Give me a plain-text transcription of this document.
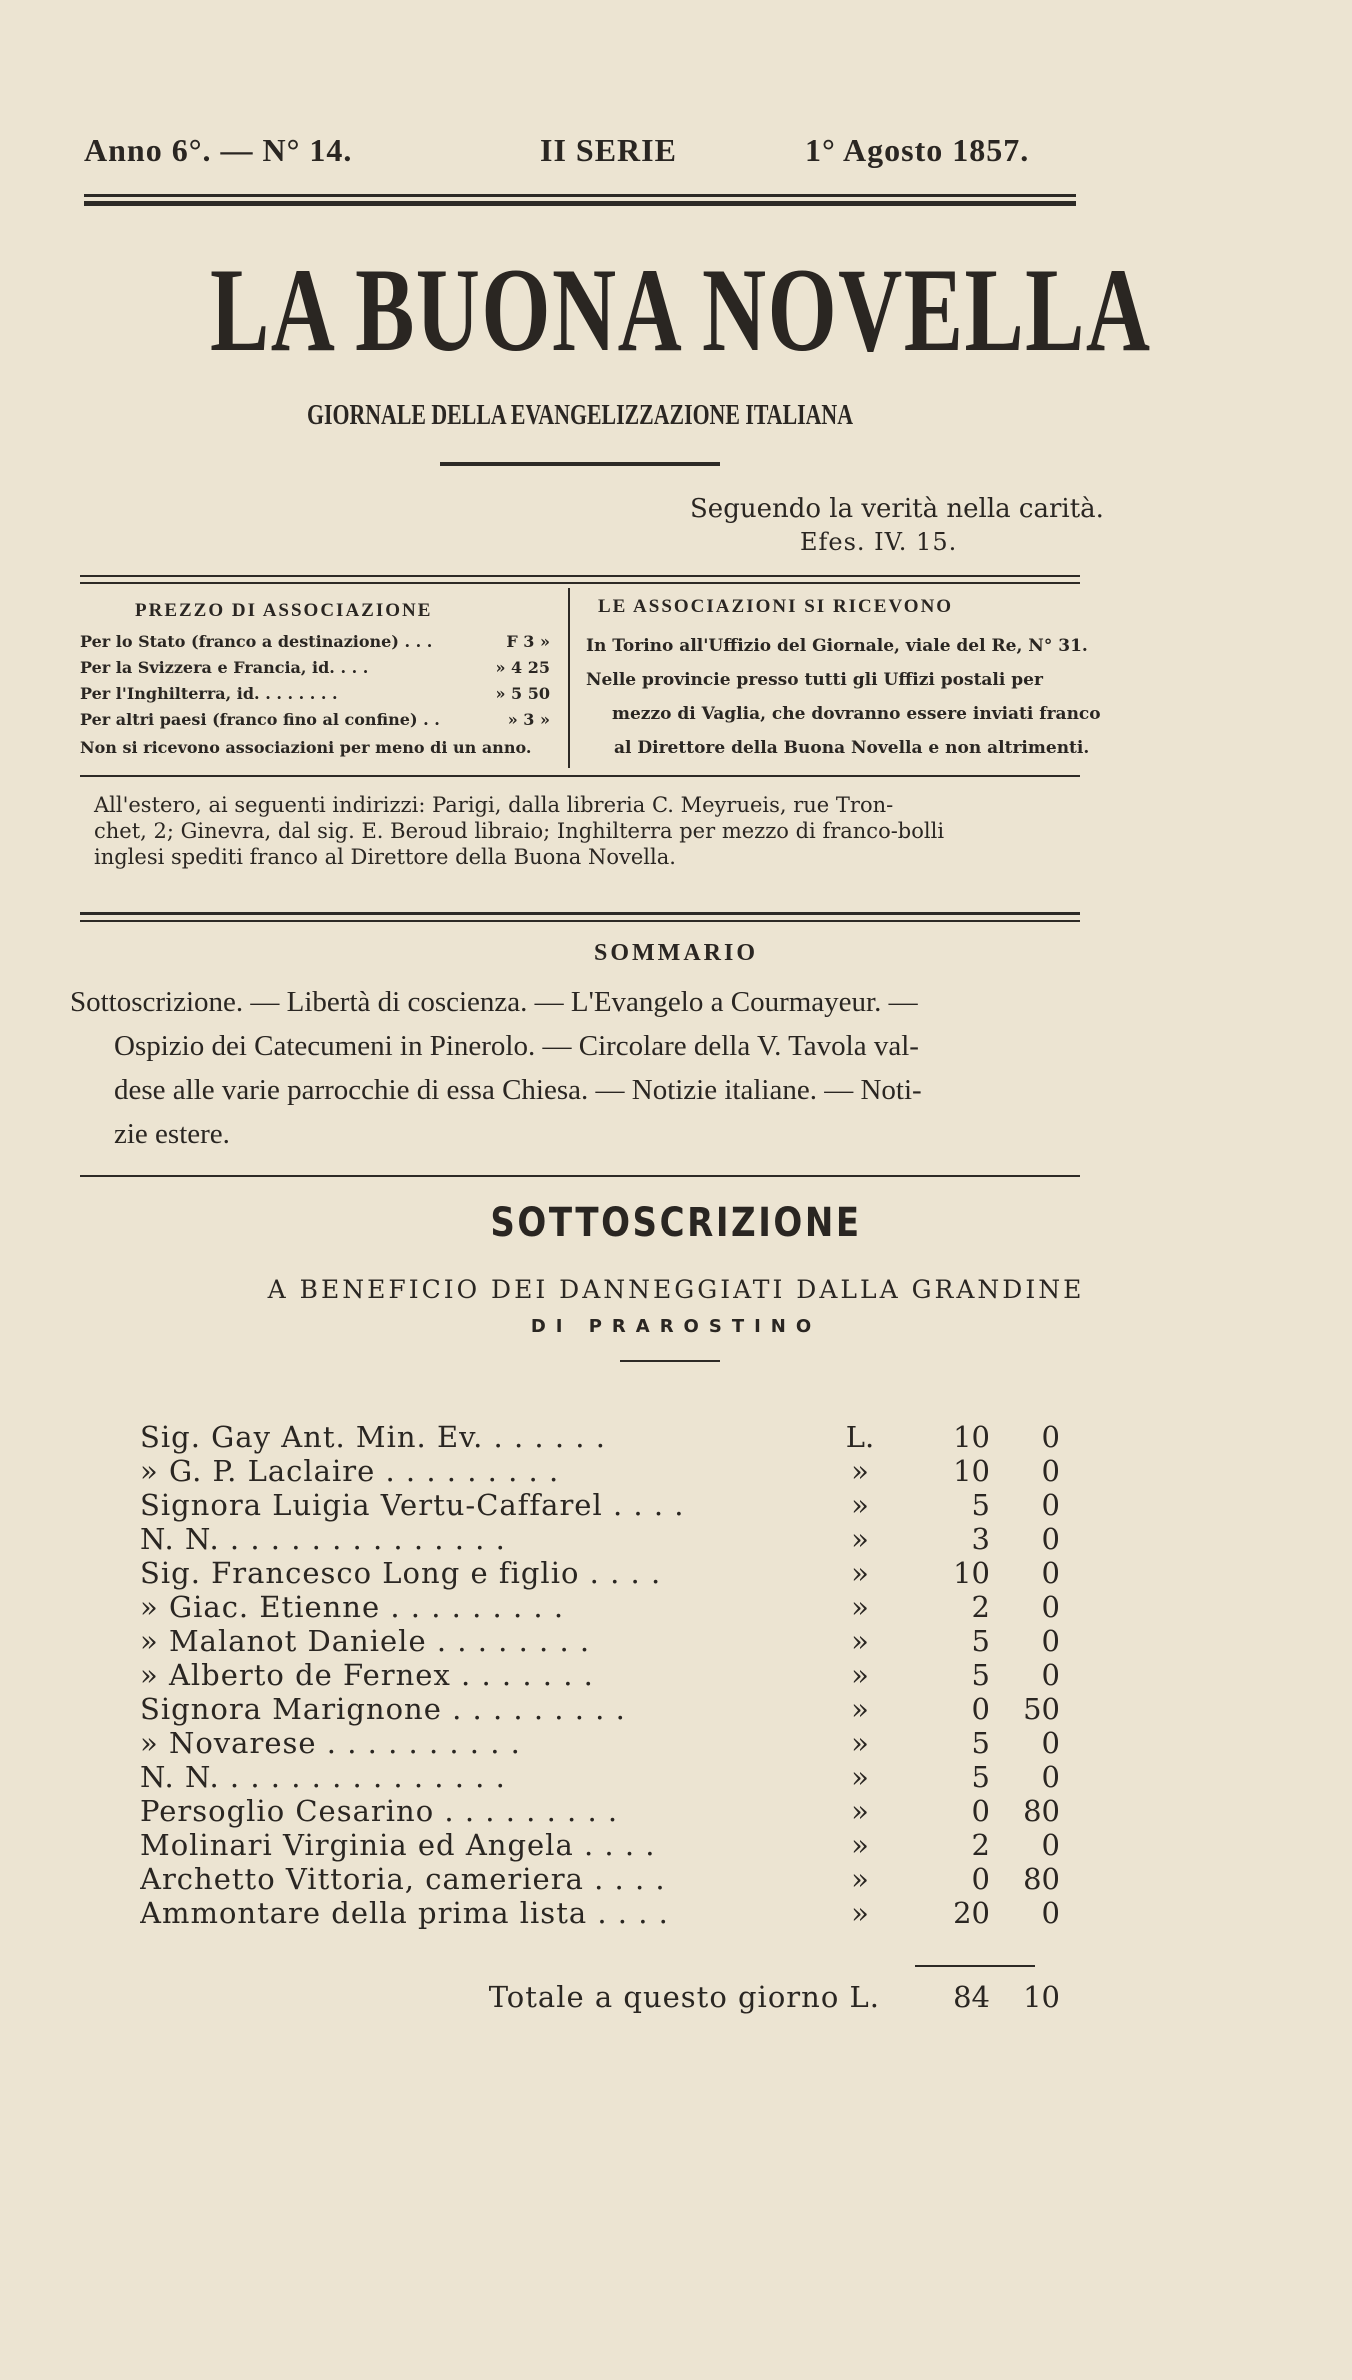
Anno 6°. — N° 14.	II SERIE	1° Agosto 1857.
LA BUONA NOVELLA
GIORNALE DELLA EVANGELIZZAZIONE ITALIANA
Seguendo la verità nella carità.
Efes. IV. 15.
PREZZO DI ASSOCIAZIONE
Per lo Stato (franco a destinazione) . . .	F 3 »
Per la Svizzera e Francia, id. . . .	» 4 25
Per l'Inghilterra, id. . . . . . . .	» 5 50
Per altri paesi (franco fino al confine) . .	» 3 »
Non si ricevono associazioni per meno di un anno.
LE ASSOCIAZIONI SI RICEVONO
In Torino all'Uffizio del Giornale, viale del Re, N° 31.
Nelle provincie presso tutti gli Uffizi postali per
mezzo di Vaglia, che dovranno essere inviati franco
al Direttore della Buona Novella e non altrimenti.

All'estero, ai seguenti indirizzi: Parigi, dalla libreria C. Meyrueis, rue Tron-

chet, 2; Ginevra, dal sig. E. Beroud libraio; Inghilterra per mezzo di franco-bolli

inglesi spediti franco al Direttore della Buona Novella.

SOMMARIO

Sottoscrizione. — Libertà di coscienza. — L'Evangelo a Courmayeur. —

Ospizio dei Catecumeni in Pinerolo. — Circolare della V. Tavola val-

dese alle varie parrocchie di essa Chiesa. — Notizie italiane. — Noti-

zie estere.

SOTTOSCRIZIONE
A BENEFICIO DEI DANNEGGIATI DALLA GRANDINE
DI PRAROSTINO
Sig. Gay Ant. Min. Ev. . . . . . .	L.	10	0
» G. P. Laclaire . . . . . . . . .	»	10	0
Signora Luigia Vertu-Caffarel . . . .	»	5	0
N. N. . . . . . . . . . . . . . .	»	3	0
Sig. Francesco Long e figlio . . . .	»	10	0
» Giac. Etienne . . . . . . . . .	»	2	0
» Malanot Daniele . . . . . . . .	»	5	0
» Alberto de Fernex . . . . . . .	»	5	0
Signora Marignone . . . . . . . . .	»	0	50
» Novarese . . . . . . . . . .	»	5	0
N. N. . . . . . . . . . . . . . .	»	5	0
Persoglio Cesarino . . . . . . . . .	»	0	80
Molinari Virginia ed Angela . . . .	»	2	0
Archetto Vittoria, cameriera . . . .	»	0	80
Ammontare della prima lista . . . .	»	20	0
Totale a questo giorno L.	84	10
